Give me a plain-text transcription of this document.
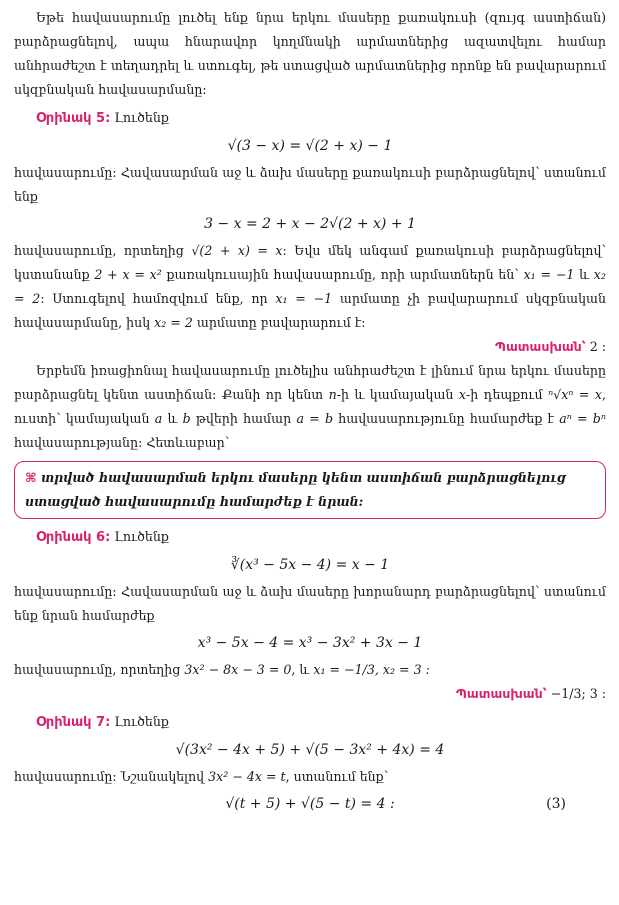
Եթե հավասարումը լուծել ենք նրա երկու մասերը քառակուսի (զույգ աստիճան) բարձրացնելով, ապա հնարավոր կողմնակի արմատներից ազատվելու համար անհրաժեշտ է տեղադրել և ստուգել, թե ստացված արմատներից որոնք են բավարարում սկզբնական հավասարմանը:

Օրինակ 5: Լուծենք

√(3 − x) = √(2 + x) − 1

հավասարումը: Հավասարման աջ և ձախ մասերը քառակուսի բարձրացնելով՝ ստանում ենք

3 − x = 2 + x − 2√(2 + x) + 1

հավասարումը, որտեղից √(2 + x) = x: Եվս մեկ անգամ քառակուսի բարձրացնելով՝ կստանանք 2 + x = x² քառակուսային հավասարումը, որի արմատներն են՝ x₁ = −1 և x₂ = 2: Ստուգելով համոզվում ենք, որ x₁ = −1 արմատը չի բավարարում սկզբնական հավասարմանը, իսկ x₂ = 2 արմատը բավարարում է:

Պատասխան՝ 2 :

Երբեմն իռացիոնալ հավասարումը լուծելիս անհրաժեշտ է լինում նրա երկու մասերը բարձրացնել կենտ աստիճան: Քանի որ կենտ n-ի և կամայական x-ի դեպքում ⁿ√xⁿ = x, ուստի՝ կամայական a և b թվերի համար a = b հավասարությունը համարժեք է aⁿ = bⁿ հավասարությանը: Հետևաբար՝

⌘ տրված հավասարման երկու մասերը կենտ աստիճան բարձրացնելուց ստացված հավասարումը համարժեք է նրան:

Օրինակ 6: Լուծենք

∛(x³ − 5x − 4) = x − 1

հավասարումը: Հավասարման աջ և ձախ մասերը խորանարդ բարձրացնելով՝ ստանում ենք նրան համարժեք

x³ − 5x − 4 = x³ − 3x² + 3x − 1

հավասարումը, որտեղից 3x² − 8x − 3 = 0, և x₁ = −1/3, x₂ = 3 :

Պատասխան՝ −1/3; 3 :

Օրինակ 7: Լուծենք

√(3x² − 4x + 5) + √(5 − 3x² + 4x) = 4

հավասարումը: Նշանակելով 3x² − 4x = t, ստանում ենք՝

√(t + 5) + √(5 − t) = 4 :	(3)
